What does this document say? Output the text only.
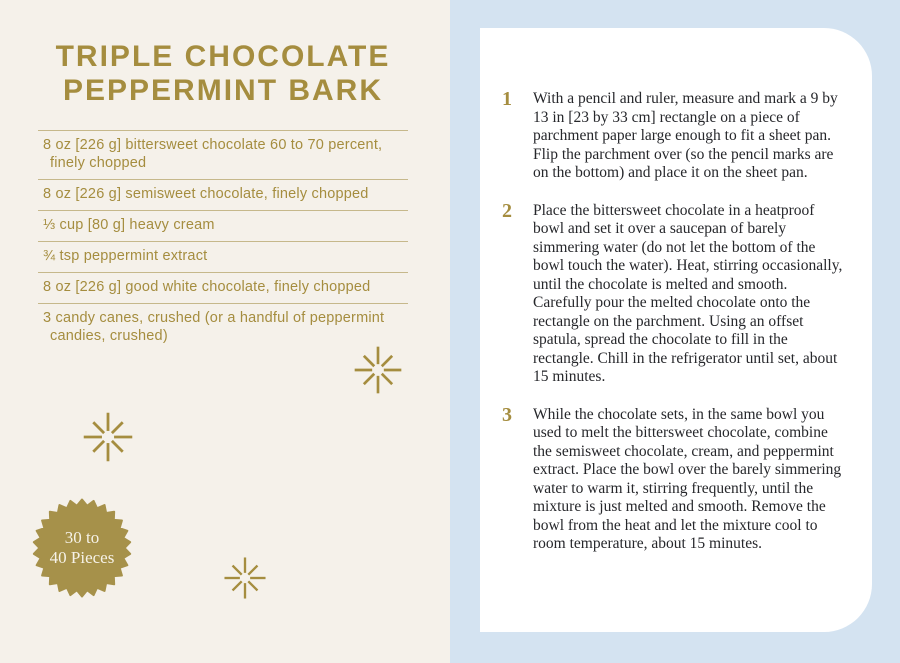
TRIPLE CHOCOLATE PEPPERMINT BARK
8 oz [226 g] bittersweet chocolate 60 to 70 percent, finely chopped
8 oz [226 g] semisweet chocolate, finely chopped
⅓ cup [80 g] heavy cream
¾ tsp peppermint extract
8 oz [226 g] good white chocolate, finely chopped
3 candy canes, crushed (or a handful of peppermint candies, crushed)
30 to
40 Pieces
1	With a pencil and ruler, measure and mark a 9 by 13 in [23 by 33 cm] rectangle on a piece of parchment paper large enough to fit a sheet pan. Flip the parchment over (so the pencil marks are on the bottom) and place it on the sheet pan.
2	Place the bittersweet chocolate in a heatproof bowl and set it over a saucepan of barely simmering water (do not let the bottom of the bowl touch the water). Heat, stirring occasionally, until the chocolate is melted and smooth. Carefully pour the melted chocolate onto the rectangle on the parchment. Using an offset spatula, spread the chocolate to fill in the rectangle. Chill in the refrigerator until set, about 15 minutes.
3	While the chocolate sets, in the same bowl you used to melt the bittersweet chocolate, combine the semisweet chocolate, cream, and peppermint extract. Place the bowl over the barely simmering water to warm it, stirring frequently, until the mixture is just melted and smooth. Remove the bowl from the heat and let the mixture cool to room temperature, about 15 minutes.
